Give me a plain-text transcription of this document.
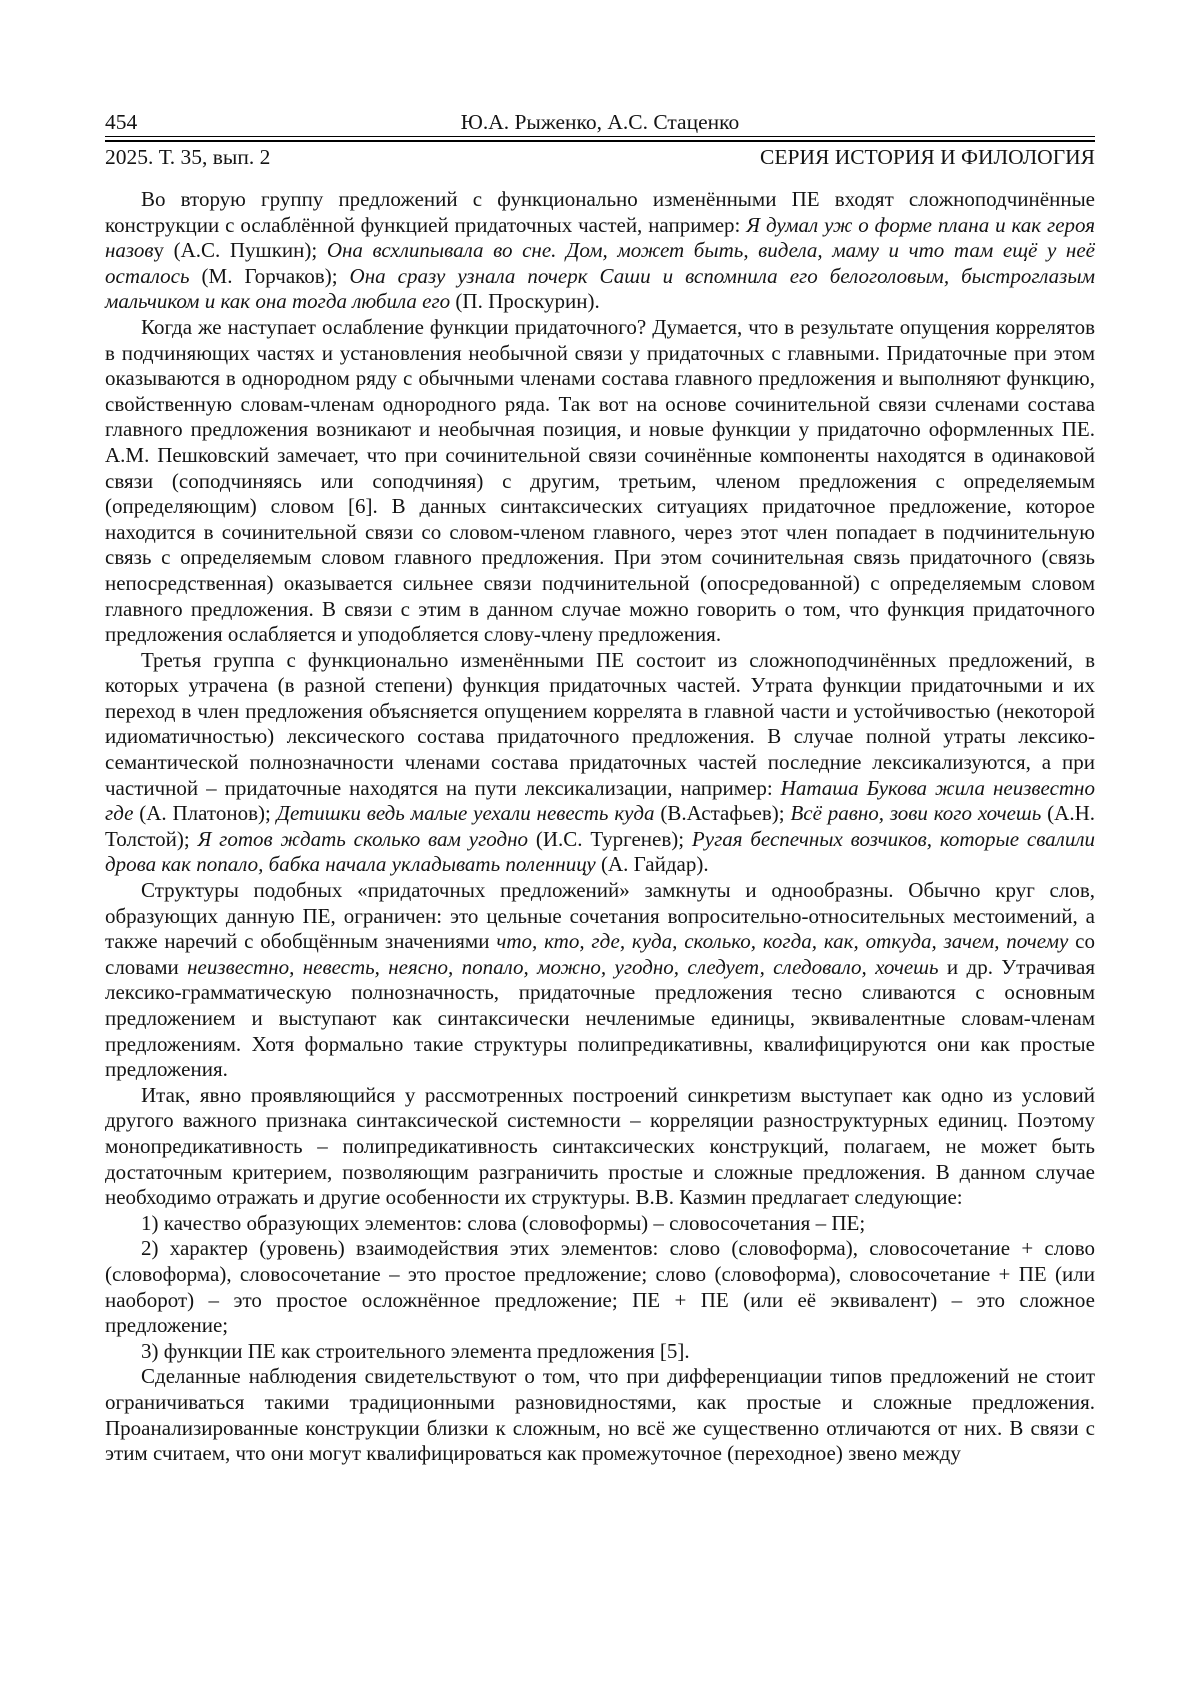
454	Ю.А. Рыженко, А.С. Стаценко
2025. Т. 35, вып. 2	СЕРИЯ ИСТОРИЯ И ФИЛОЛОГИЯ

Во вторую группу предложений с функционально изменёнными ПЕ входят сложноподчинённые конструкции с ослаблённой функцией придаточных частей, например: Я думал уж о форме плана и как героя назову (А.С. Пушкин); Она всхлипывала во сне. Дом, может быть, видела, маму и что там ещё у неё осталось (М. Горчаков); Она сразу узнала почерк Саши и вспомнила его белоголовым, быстроглазым мальчиком и как она тогда любила его (П. Проскурин).

Когда же наступает ослабление функции придаточного? Думается, что в результате опущения коррелятов в подчиняющих частях и установления необычной связи у придаточных с главными. Придаточные при этом оказываются в однородном ряду с обычными членами состава главного предложения и выполняют функцию, свойственную словам-членам однородного ряда. Так вот на основе сочинительной связи счленами состава главного предложения возникают и необычная позиция, и новые функции у придаточно оформленных ПЕ. А.М. Пешковский замечает, что при сочинительной связи сочинённые компоненты находятся в одинаковой связи (соподчиняясь или соподчиняя) с другим, третьим, членом предложения с определяемым (определяющим) словом [6]. В данных синтаксических ситуациях придаточное предложение, которое находится в сочинительной связи со словом-членом главного, через этот член попадает в подчинительную связь с определяемым словом главного предложения. При этом сочинительная связь придаточного (связь непосредственная) оказывается сильнее связи подчинительной (опосредованной) с определяемым словом главного предложения. В связи с этим в данном случае можно говорить о том, что функция придаточного предложения ослабляется и уподобляется слову-члену предложения.

Третья группа с функционально изменёнными ПЕ состоит из сложноподчинённых предложений, в которых утрачена (в разной степени) функция придаточных частей. Утрата функции придаточными и их переход в член предложения объясняется опущением коррелята в главной части и устойчивостью (некоторой идиоматичностью) лексического состава придаточного предложения. В случае полной утраты лексико-семантической полнозначности членами состава придаточных частей последние лексикализуются, а при частичной – придаточные находятся на пути лексикализации, например: Наташа Букова жила неизвестно где (А. Платонов); Детишки ведь малые уехали невесть куда (В.Астафьев); Всё равно, зови кого хочешь (А.Н. Толстой); Я готов ждать сколько вам угодно (И.С. Тургенев); Ругая беспечных возчиков, которые свалили дрова как попало, бабка начала укладывать поленницу (А. Гайдар).

Структуры подобных «придаточных предложений» замкнуты и однообразны. Обычно круг слов, образующих данную ПЕ, ограничен: это цельные сочетания вопросительно-относительных местоимений, а также наречий с обобщённым значениями что, кто, где, куда, сколько, когда, как, откуда, зачем, почему со словами неизвестно, невесть, неясно, попало, можно, угодно, следует, следовало, хочешь и др. Утрачивая лексико-грамматическую полнозначность, придаточные предложения тесно сливаются с основным предложением и выступают как синтаксически нечленимые единицы, эквивалентные словам-членам предложениям. Хотя формально такие структуры полипредикативны, квалифицируются они как простые предложения.

Итак, явно проявляющийся у рассмотренных построений синкретизм выступает как одно из условий другого важного признака синтаксической системности – корреляции разноструктурных единиц. Поэтому монопредикативность – полипредикативность синтаксических конструкций, полагаем, не может быть достаточным критерием, позволяющим разграничить простые и сложные предложения. В данном случае необходимо отражать и другие особенности их структуры. В.В. Казмин предлагает следующие:

1) качество образующих элементов: слова (словоформы) – словосочетания – ПЕ;

2) характер (уровень) взаимодействия этих элементов: слово (словоформа), словосочетание + слово (словоформа), словосочетание – это простое предложение; слово (словоформа), словосочетание + ПЕ (или наоборот) – это простое осложнённое предложение; ПЕ + ПЕ (или её эквивалент) – это сложное предложение;

3) функции ПЕ как строительного элемента предложения [5].

Сделанные наблюдения свидетельствуют о том, что при дифференциации типов предложений не стоит ограничиваться такими традиционными разновидностями, как простые и сложные предложения. Проанализированные конструкции близки к сложным, но всё же существенно отличаются от них. В связи с этим считаем, что они могут квалифицироваться как промежуточное (переходное) звено между
